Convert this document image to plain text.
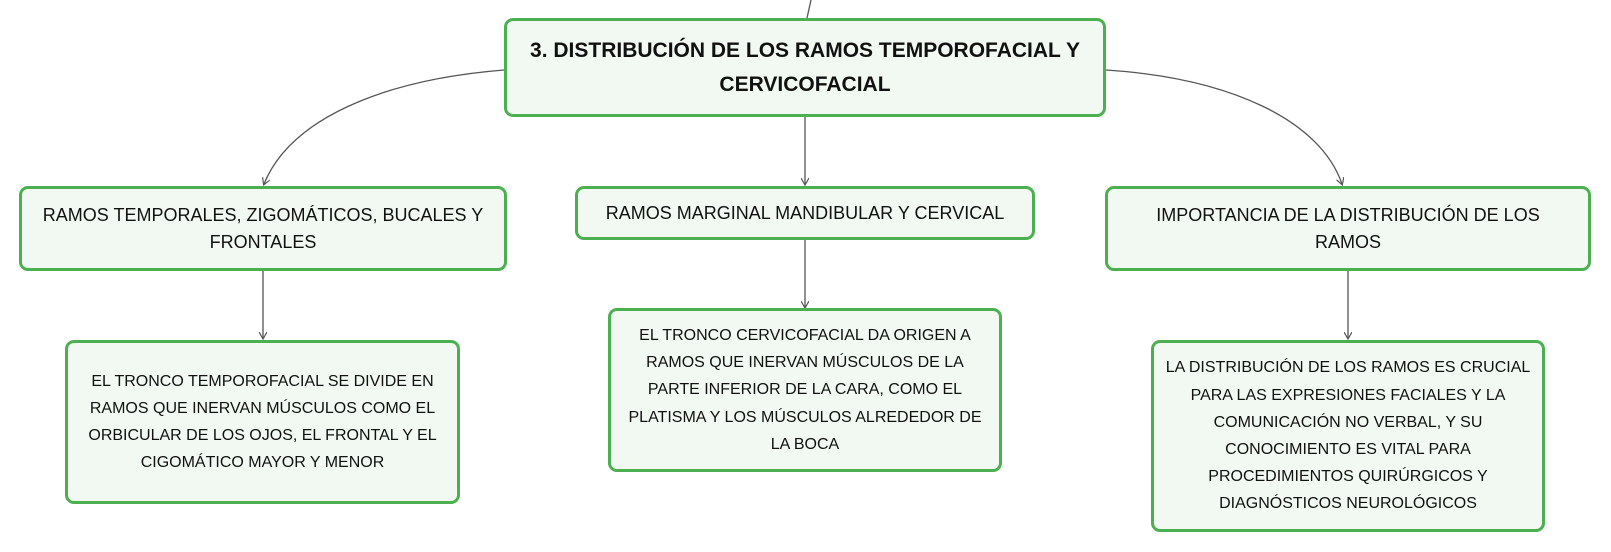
3. DISTRIBUCIÓN DE LOS RAMOS TEMPOROFACIAL Y CERVICOFACIAL
RAMOS TEMPORALES, ZIGOMÁTICOS, BUCALES Y FRONTALES
RAMOS MARGINAL MANDIBULAR Y CERVICAL	IMPORTANCIA DE LA DISTRIBUCIÓN DE LOS RAMOS
EL TRONCO TEMPOROFACIAL SE DIVIDE EN RAMOS QUE INERVAN MÚSCULOS COMO EL ORBICULAR DE LOS OJOS, EL FRONTAL Y EL CIGOMÁTICO MAYOR Y MENOR
EL TRONCO CERVICOFACIAL DA ORIGEN A RAMOS QUE INERVAN MÚSCULOS DE LA PARTE INFERIOR DE LA CARA, COMO EL PLATISMA Y LOS MÚSCULOS ALREDEDOR DE LA BOCA
LA DISTRIBUCIÓN DE LOS RAMOS ES CRUCIAL PARA LAS EXPRESIONES FACIALES Y LA COMUNICACIÓN NO VERBAL, Y SU CONOCIMIENTO ES VITAL PARA PROCEDIMIENTOS QUIRÚRGICOS Y DIAGNÓSTICOS NEUROLÓGICOS
